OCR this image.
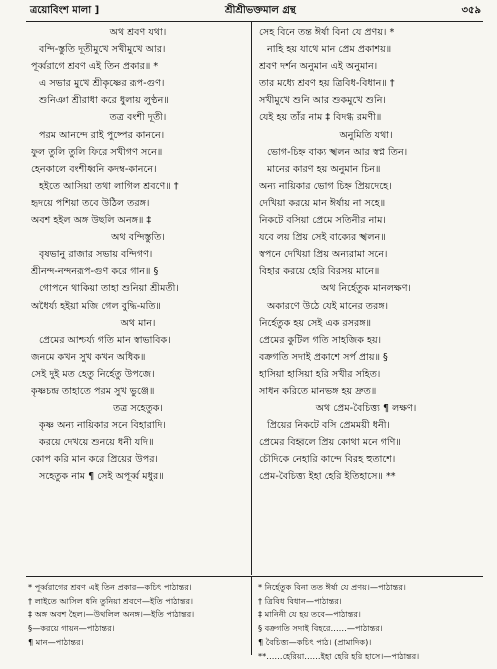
ত্রয়োবিংশ মালা ]	শ্রীশ্রীভক্তমাল গ্রন্থ	৩৫৯
অথ শ্রবণ যথা।
বন্দি-স্তুতি দূতীমুখে সখীমুখে আর।
পূর্ব্বরাগে শ্রবণ এই তিন প্রকার॥ *
এ সভার মুখে শ্রীকৃষ্ণের রূপ-গুণ।
শুনিঞা শ্রীরাধা করে ধুলায় লুণ্ঠন॥
তত্র বংশী দূতী।
পরম আনন্দে রাই পুষ্পের কাননে।
ফুল তুলি তুলি ফিরে সখীগণ সনে॥
হেনকালে বংশীধ্বনি কদম্ব-কাননে।
হইতে আসিয়া তথা লাগিল শ্রবণে॥ †
হৃদয়ে পশিয়া তবে উঠিল তরঙ্গ।
অবশ হইল অঙ্গ উছলি অনঙ্গ॥ ‡
অথ বন্দিস্তুতি।
বৃষভানু রাজার সভায় বন্দিগণ।
শ্রীনন্দ-নন্দনরূপ-গুণ করে গান॥ §
গোপনে থাকিয়া তাহা শুনিয়া শ্রীমতী।
অধৈর্য্য হইয়া মজি গেল বুদ্ধি-মতি॥
অথ মান।
প্রেমের আশ্চর্য্য গতি মান স্বাভাবিক।
জনমে কখন সুখ কখন অধিক॥
সেই দুই মত হেতু নির্হেতু উপজে।
কৃষ্ণচন্দ্র তাহাতে পরম সুখ ভুঞ্জে॥
তত্র সহেতুক।
কৃষ্ণ অন্য নায়িকার সনে বিহারাদি।
করয়ে দেখয়ে শুনয়ে ধনী যদি॥
কোপ করি মান করে প্রিয়ের উপর।
সহেতুক নাম ¶ সেই অপূর্ব্ব মধুর॥
সেহ বিনে তন্ত ঈর্ষা বিনা যে প্রণয়। *
নাহি হয় যাথে মান প্রেম প্রকাশয়॥
শ্রবণ দর্শন অনুমান এই অনুমান।
তার মধ্যে শ্রবণ হয় ত্রিবিধ-বিধান॥ †
সখীমুখে শুনি আর শুকমুখে শুনি।
যেই হয় তাঁর নাম ‡ বিদগ্ধ রমণী॥
অনুমিতি যথা।
ভোগ-চিহ্ন বাক্য স্খলন আর স্বপ্ন তিন।
মানের কারণ হয় অনুমান চিন॥
অন্য নায়িকার ভোগ চিহ্ন প্রিয়দেহে।
দেখিয়া করয়ে মান ঈর্ষায় না সহে॥
নিকটে বসিয়া প্রেমে সতিনীর নাম।
যবে লয় প্রিয় সেই বাক্যের স্খলন॥
স্বপনে দেখিয়া প্রিয় অন্যরামা সনে।
বিহার করয়ে হেরি বিরসয় মানে॥
অথ নির্হেতুক মানলক্ষণ।
অকারণে উঠে যেই মানের তরঙ্গ।
নির্হেতুক হয় সেই এক রসরঙ্গ॥
প্রেমের কুটিল গতি সাহজিক হয়।
বক্রগতি সদাই প্রকাশে সর্প প্রায়॥ §
হাসিয়া হাসিয়া হরি সখীর সহিত।
সাধন করিতে মানভঙ্গ হয় দ্রুত॥
অথ প্রেম-বৈচিত্ত্য ¶ লক্ষণ।
প্রিয়ের নিকটে বসি প্রেমময়ী ধনী।
প্রেমের বিহ্বলে প্রিয় কোথা মনে গণি॥
চৌদিকে নেহারি কান্দে বিরহ হুতাশে।
প্রেম-বৈচিত্ত্য ইহা হেরি ইতিহাসে॥ **
* পূর্ব্বরাগের শ্রবণ এই তিন প্রকার—কচিৎ পাঠান্তর।
† লাইতে আসিল ধনি তুনিয়া শ্রবণে—ইতি পাঠান্তর।
‡ অঙ্গ অবশ হৈল।—উথলিল অনঙ্গ।—ইতি পাঠান্তর।
§—করয়ে গায়ন—পাঠান্তর।
¶ মান—পাঠান্তর।
* নির্হেতুক বিনা তত ঈর্ষা যে প্রণয়।—পাঠান্তর।
† ত্রিবিধ বিধান—পাঠান্তর।
‡ মানিনী যে হয় তবে—পাঠান্তর।
§ বক্রগতি সদাই বিহরে……—পাঠান্তর।
¶ বৈচিত্ত্য—কচিৎ পাঠ। (প্রামাদিক)।
**……হেরিয়া……ইহা হেরি হরি হাসে।—পাঠান্তর।
